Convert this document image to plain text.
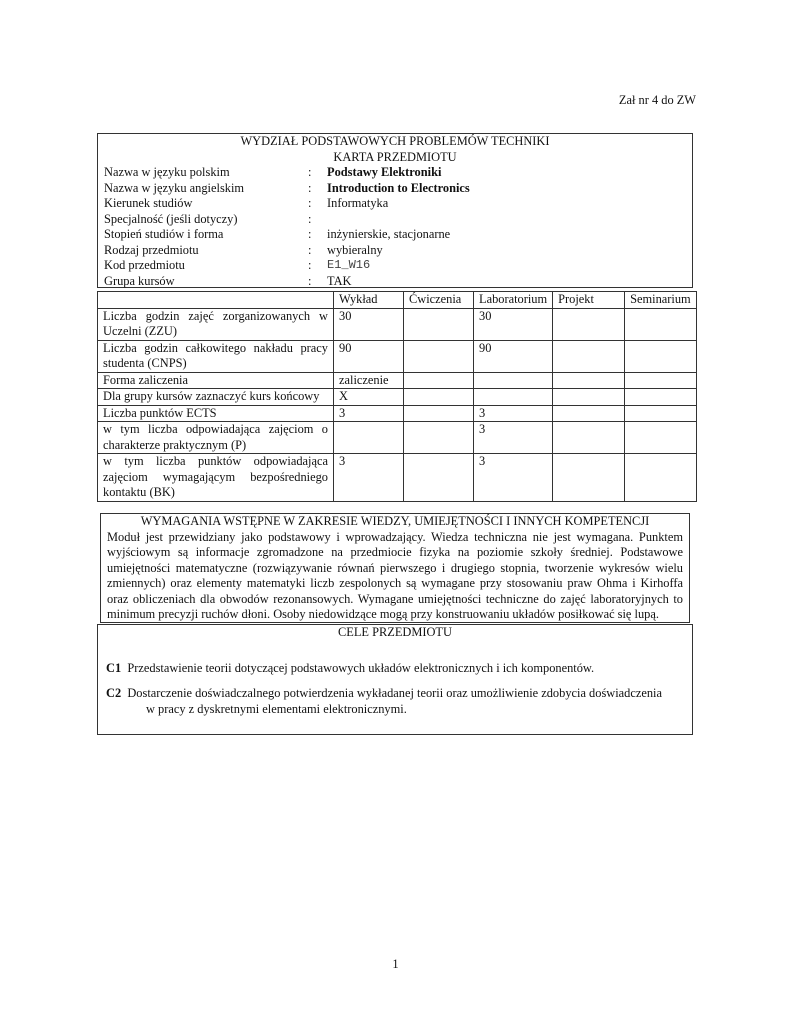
Zał nr 4 do ZW
WYDZIAŁ PODSTAWOWYCH PROBLEMÓW TECHNIKI
KARTA PRZEDMIOTU
Nazwa w języku polskim	:	Podstawy Elektroniki
Nazwa w języku angielskim	:	Introduction to Electronics
Kierunek studiów	:	Informatyka
Specjalność (jeśli dotyczy)	:
Stopień studiów i forma	:	inżynierskie, stacjonarne
Rodzaj przedmiotu	:	wybieralny
Kod przedmiotu	:	E1_W16
Grupa kursów	:	TAK
	Wykład	Ćwiczenia	Laboratorium	Projekt	Seminarium
Liczba godzin zajęć zorganizowanych w Uczelni (ZZU)	30		30		
Liczba godzin całkowitego nakładu pracy studenta (CNPS)	90		90		
Forma zaliczenia	zaliczenie				
Dla grupy kursów zaznaczyć kurs końcowy	X				
Liczba punktów ECTS	3		3		
w tym liczba odpowiadająca zajęciom o charakterze praktycznym (P)			3		
w tym liczba punktów odpowiadająca zajęciom wymagającym bezpośredniego kontaktu (BK)	3		3		
WYMAGANIA WSTĘPNE W ZAKRESIE WIEDZY, UMIEJĘTNOŚCI I INNYCH KOMPETENCJI
Moduł jest przewidziany jako podstawowy i wprowadzający. Wiedza techniczna nie jest wymagana. Punktem wyjściowym są informacje zgromadzone na przedmiocie fizyka na poziomie szkoły średniej. Podstawowe umiejętności matematyczne (rozwiązywanie równań pierwszego i drugiego stopnia, tworzenie wykresów wielu zmiennych) oraz elementy matematyki liczb zespolonych są wymagane przy stosowaniu praw Ohma i Kirhoffa oraz obliczeniach dla obwodów rezonansowych. Wymagane umiejętności techniczne do zajęć laboratoryjnych to minimum precyzji ruchów dłoni. Osoby niedowidzące mogą przy konstruowaniu układów posiłkować się lupą.
CELE PRZEDMIOTU
C1 Przedstawienie teorii dotyczącej podstawowych układów elektronicznych i ich komponentów.
C2 Dostarczenie doświadczalnego potwierdzenia wykładanej teorii oraz umożliwienie zdobycia doświadczenia
w pracy z dyskretnymi elementami elektronicznymi.
1
